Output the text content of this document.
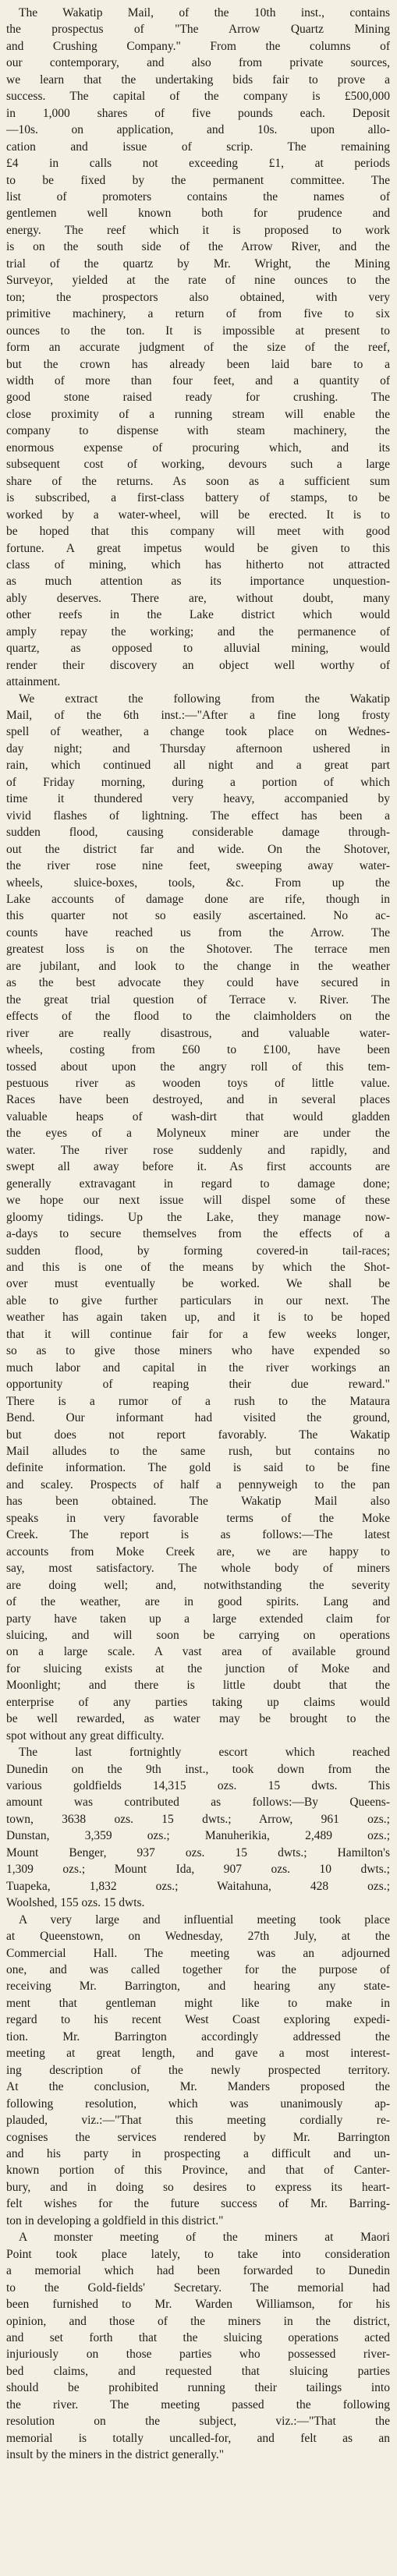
The Wakatip Mail, of the 10th inst., contains
the prospectus of "The Arrow Quartz Mining
and Crushing Company." From the columns of
our contemporary, and also from private sources,
we learn that the undertaking bids fair to prove a
success. The capital of the company is £500,000
in 1,000 shares of five pounds each. Deposit
—10s. on application, and 10s. upon allo-
cation and issue of scrip. The remaining
£4 in calls not exceeding £1, at periods
to be fixed by the permanent committee. The
list of promoters contains the names of
gentlemen well known both for prudence and
energy. The reef which it is proposed to work
is on the south side of the Arrow River, and the
trial of the quartz by Mr. Wright, the Mining
Surveyor, yielded at the rate of nine ounces to the
ton; the prospectors also obtained, with very
primitive machinery, a return of from five to six
ounces to the ton. It is impossible at present to
form an accurate judgment of the size of the reef,
but the crown has already been laid bare to a
width of more than four feet, and a quantity of
good stone raised ready for crushing. The
close proximity of a running stream will enable the
company to dispense with steam machinery, the
enormous expense of procuring which, and its
subsequent cost of working, devours such a large
share of the returns. As soon as a sufficient sum
is subscribed, a first-class battery of stamps, to be
worked by a water-wheel, will be erected. It is to
be hoped that this company will meet with good
fortune. A great impetus would be given to this
class of mining, which has hitherto not attracted
as much attention as its importance unquestion-
ably deserves. There are, without doubt, many
other reefs in the Lake district which would
amply repay the working; and the permanence of
quartz, as opposed to alluvial mining, would
render their discovery an object well worthy of
attainment.

We extract the following from the Wakatip
Mail, of the 6th inst.:—"After a fine long frosty
spell of weather, a change took place on Wednes-
day night; and Thursday afternoon ushered in
rain, which continued all night and a great part
of Friday morning, during a portion of which
time it thundered very heavy, accompanied by
vivid flashes of lightning. The effect has been a
sudden flood, causing considerable damage through-
out the district far and wide. On the Shotover,
the river rose nine feet, sweeping away water-
wheels, sluice-boxes, tools, &c. From up the
Lake accounts of damage done are rife, though in
this quarter not so easily ascertained. No ac-
counts have reached us from the Arrow. The
greatest loss is on the Shotover. The terrace men
are jubilant, and look to the change in the weather
as the best advocate they could have secured in
the great trial question of Terrace v. River. The
effects of the flood to the claimholders on the
river are really disastrous, and valuable water-
wheels, costing from £60 to £100, have been
tossed about upon the angry roll of this tem-
pestuous river as wooden toys of little value.
Races have been destroyed, and in several places
valuable heaps of wash-dirt that would gladden
the eyes of a Molyneux miner are under the
water. The river rose suddenly and rapidly, and
swept all away before it. As first accounts are
generally extravagant in regard to damage done;
we hope our next issue will dispel some of these
gloomy tidings. Up the Lake, they manage now-
a-days to secure themselves from the effects of a
sudden flood, by forming covered-in tail-races;
and this is one of the means by which the Shot-
over must eventually be worked. We shall be
able to give further particulars in our next. The
weather has again taken up, and it is to be hoped
that it will continue fair for a few weeks longer,
so as to give those miners who have expended so
much labor and capital in the river workings an
opportunity of reaping their due reward."
There is a rumor of a rush to the Mataura
Bend. Our informant had visited the ground,
but does not report favorably. The Wakatip
Mail alludes to the same rush, but contains no
definite information. The gold is said to be fine
and scaley. Prospects of half a pennyweigh to the pan
has been obtained. The Wakatip Mail also
speaks in very favorable terms of the Moke
Creek. The report is as follows:—The latest
accounts from Moke Creek are, we are happy to
say, most satisfactory. The whole body of miners
are doing well; and, notwithstanding the severity
of the weather, are in good spirits. Lang and
party have taken up a large extended claim for
sluicing, and will soon be carrying on operations
on a large scale. A vast area of available ground
for sluicing exists at the junction of Moke and
Moonlight; and there is little doubt that the
enterprise of any parties taking up claims would
be well rewarded, as water may be brought to the
spot without any great difficulty.

The last fortnightly escort which reached
Dunedin on the 9th inst., took down from the
various goldfields 14,315 ozs. 15 dwts. This
amount was contributed as follows:—By Queens-
town, 3638 ozs. 15 dwts.; Arrow, 961 ozs.;
Dunstan, 3,359 ozs.; Manuherikia, 2,489 ozs.;
Mount Benger, 937 ozs. 15 dwts.; Hamilton's
1,309 ozs.; Mount Ida, 907 ozs. 10 dwts.;
Tuapeka, 1,832 ozs.; Waitahuna, 428 ozs.;
Woolshed, 155 ozs. 15 dwts.

A very large and influential meeting took place
at Queenstown, on Wednesday, 27th July, at the
Commercial Hall. The meeting was an adjourned
one, and was called together for the purpose of
receiving Mr. Barrington, and hearing any state-
ment that gentleman might like to make in
regard to his recent West Coast exploring expedi-
tion. Mr. Barrington accordingly addressed the
meeting at great length, and gave a most interest-
ing description of the newly prospected territory.
At the conclusion, Mr. Manders proposed the
following resolution, which was unanimously ap-
plauded, viz.:—"That this meeting cordially re-
cognises the services rendered by Mr. Barrington
and his party in prospecting a difficult and un-
known portion of this Province, and that of Canter-
bury, and in doing so desires to express its heart-
felt wishes for the future success of Mr. Barring-
ton in developing a goldfield in this district."

A monster meeting of the miners at Maori
Point took place lately, to take into consideration
a memorial which had been forwarded to Dunedin
to the Gold-fields' Secretary. The memorial had
been furnished to Mr. Warden Williamson, for his
opinion, and those of the miners in the district,
and set forth that the sluicing operations acted
injuriously on those parties who possessed river-
bed claims, and requested that sluicing parties
should be prohibited running their tailings into
the river. The meeting passed the following
resolution on the subject, viz.:—"That the
memorial is totally uncalled-for, and felt as an
insult by the miners in the district generally."
